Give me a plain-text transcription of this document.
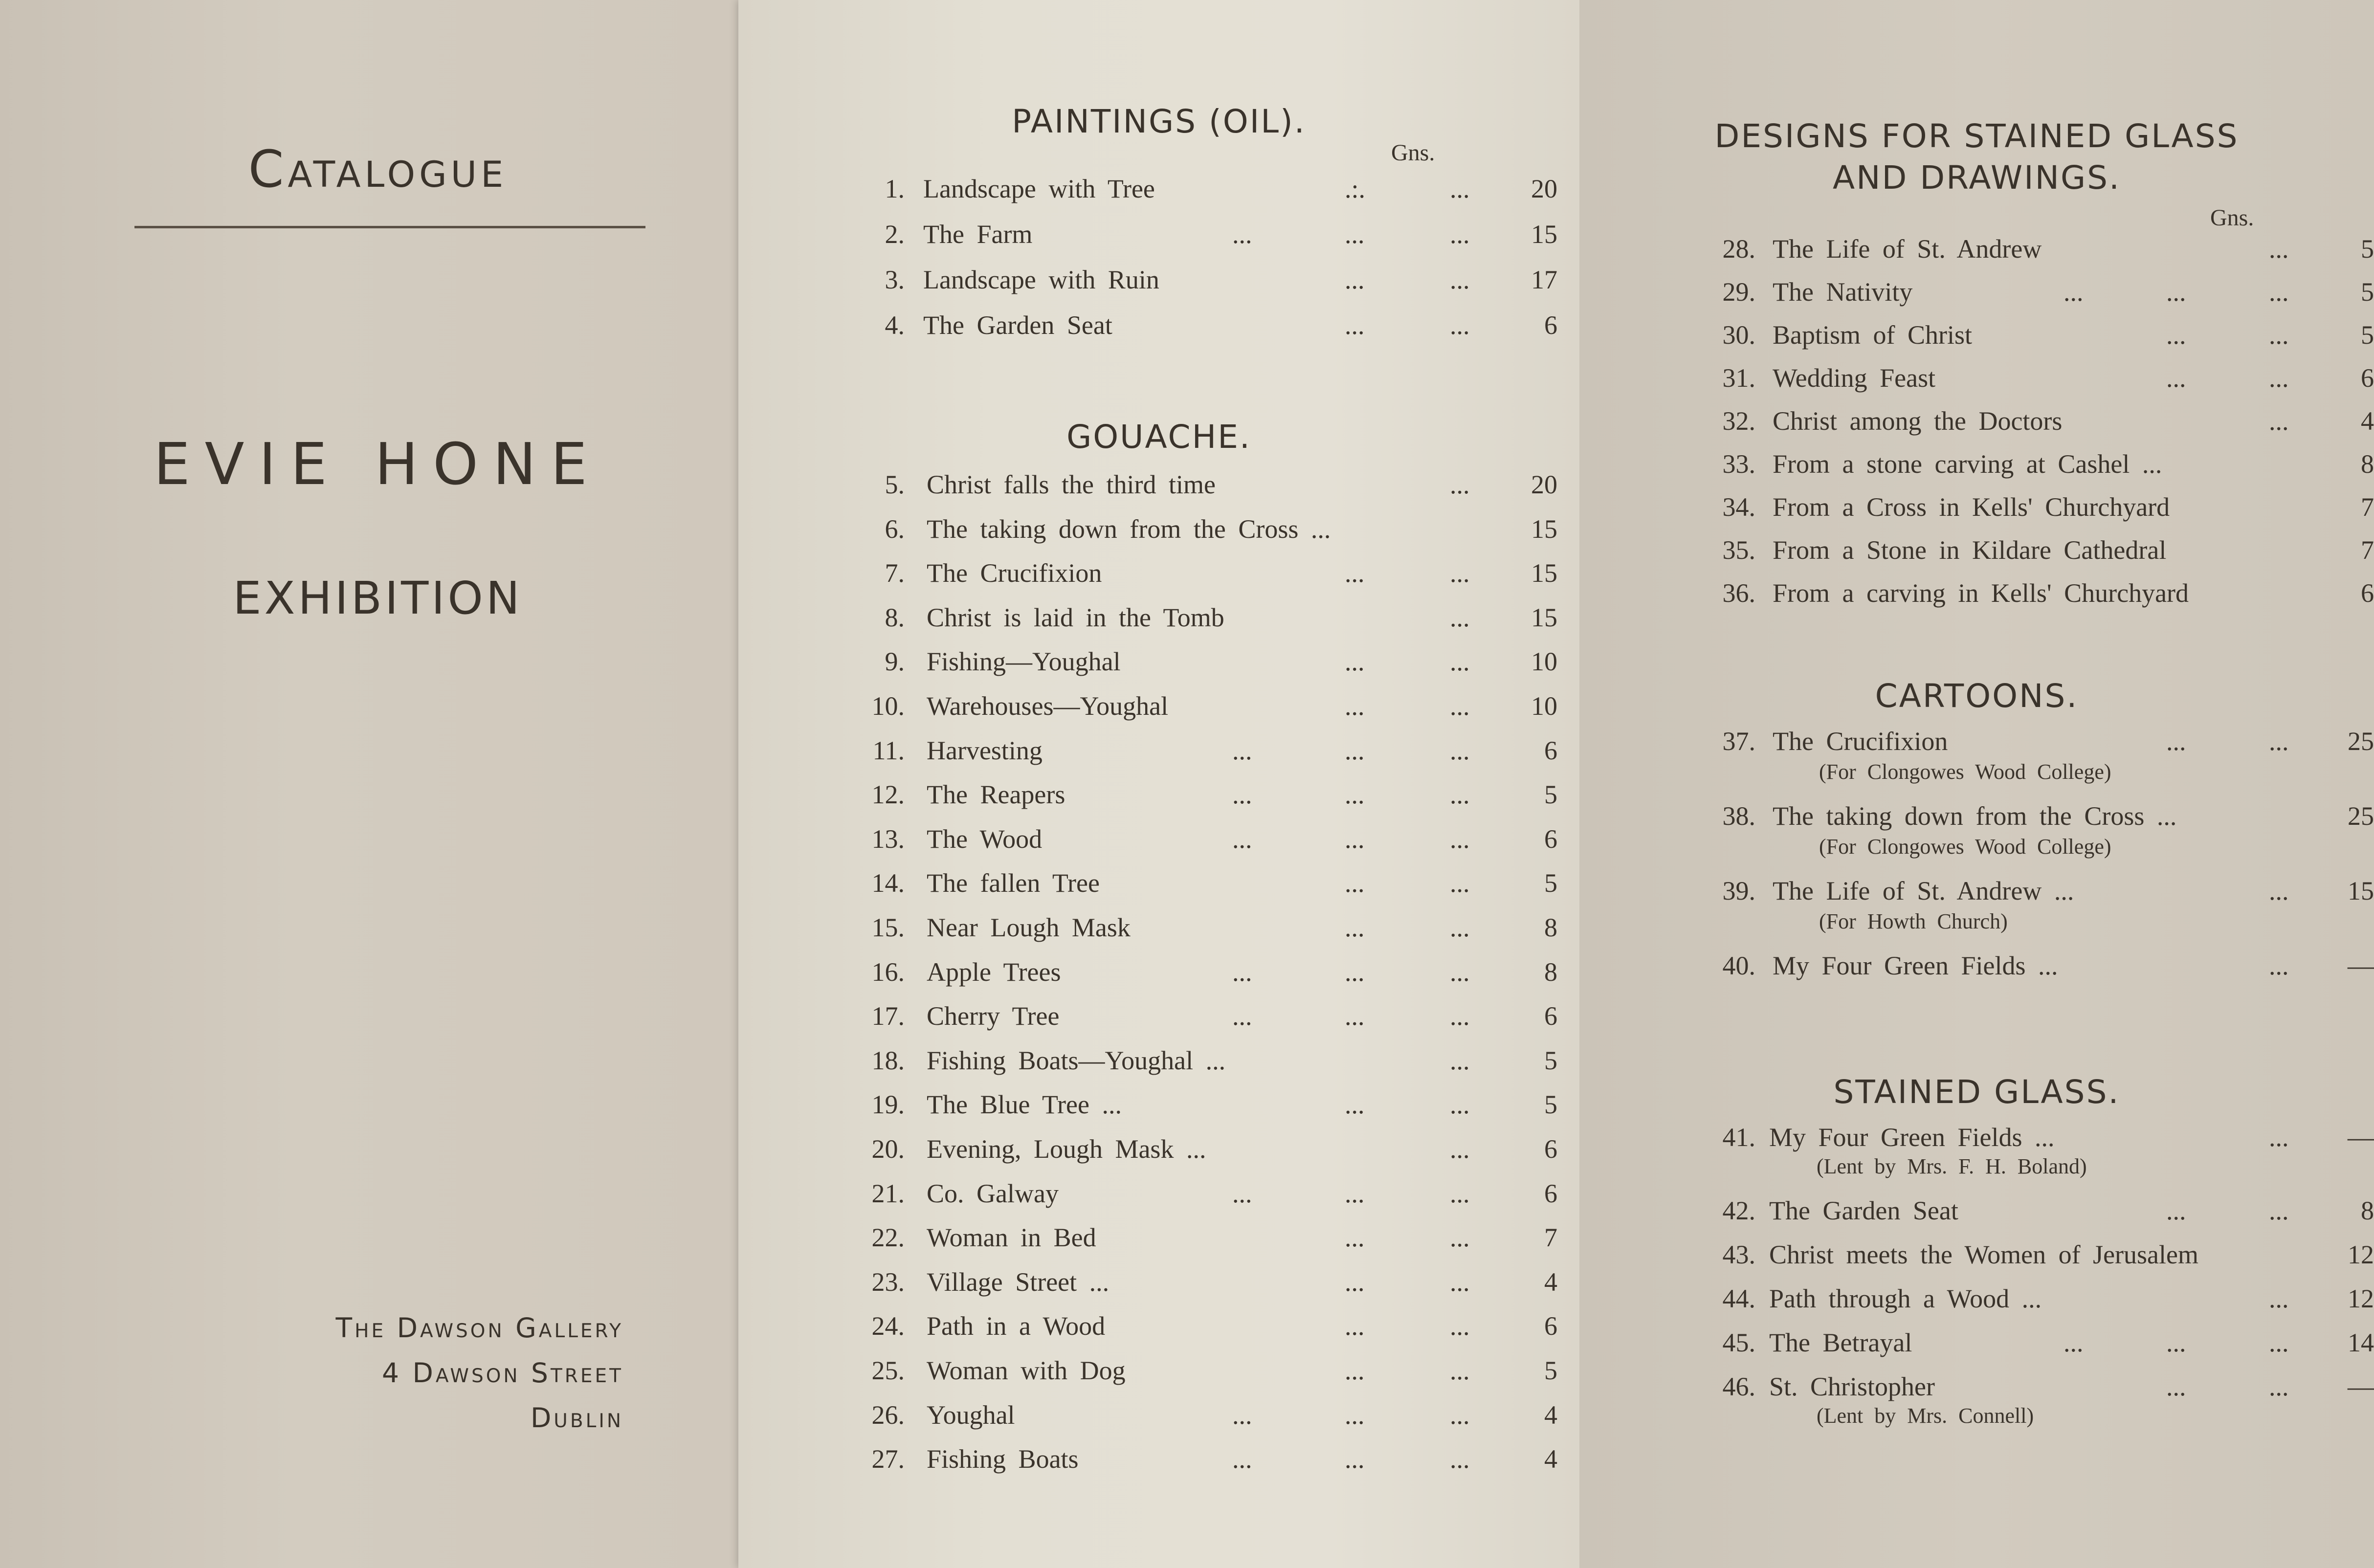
Catalogue
EVIE HONE
EXHIBITION
The Dawson Gallery
4 Dawson Street
Dublin
PAINTINGS (OIL).
Gns.
1. Landscape with Tree	.:.	...	20
2. The Farm	...	...	...	15
3. Landscape with Ruin	...	...	17
4. The Garden Seat	...	...	6
GOUACHE.
5. Christ falls the third time	...	20
6. The taking down from the Cross ...	15
7. The Crucifixion	...	...	15
8. Christ is laid in the Tomb	...	15
9. Fishing—Youghal	...	...	10
10. Warehouses—Youghal	...	...	10
11. Harvesting	...	...	...	6
12. The Reapers	...	...	...	5
13. The Wood	...	...	...	6
14. The fallen Tree	...	...	5
15. Near Lough Mask	...	...	8
16. Apple Trees	...	...	...	8
17. Cherry Tree	...	...	...	6
18. Fishing Boats—Youghal ...	...	5
19. The Blue Tree ...	...	...	5
20. Evening, Lough Mask ...	...	6
21. Co. Galway	...	...	...	6
22. Woman in Bed	...	...	7
23. Village Street ...	...	...	4
24. Path in a Wood	...	...	6
25. Woman with Dog	...	...	5
26. Youghal	...	...	...	4
27. Fishing Boats	...	...	...	4
DESIGNS FOR STAINED GLASS
AND DRAWINGS.
Gns.
28. The Life of St. Andrew	...	5
29. The Nativity	...	...	...	5
30. Baptism of Christ	...	...	5
31. Wedding Feast	...	...	6
32. Christ among the Doctors	...	4
33. From a stone carving at Cashel ...	8
34. From a Cross in Kells' Churchyard	7
35. From a Stone in Kildare Cathedral	7
36. From a carving in Kells' Churchyard	6
CARTOONS.
37. The Crucifixion	...	...	25
(For Clongowes Wood College)
38. The taking down from the Cross ...	25
(For Clongowes Wood College)
39. The Life of St. Andrew ...	...	15
(For Howth Church)
40. My Four Green Fields ...	...	—
STAINED GLASS.
41. My Four Green Fields ...	...	—
(Lent by Mrs. F. H. Boland)
42. The Garden Seat	...	...	8
43. Christ meets the Women of Jerusalem	12
44. Path through a Wood ...	...	12
45. The Betrayal	...	...	...	14
46. St. Christopher	...	...	—
(Lent by Mrs. Connell)
